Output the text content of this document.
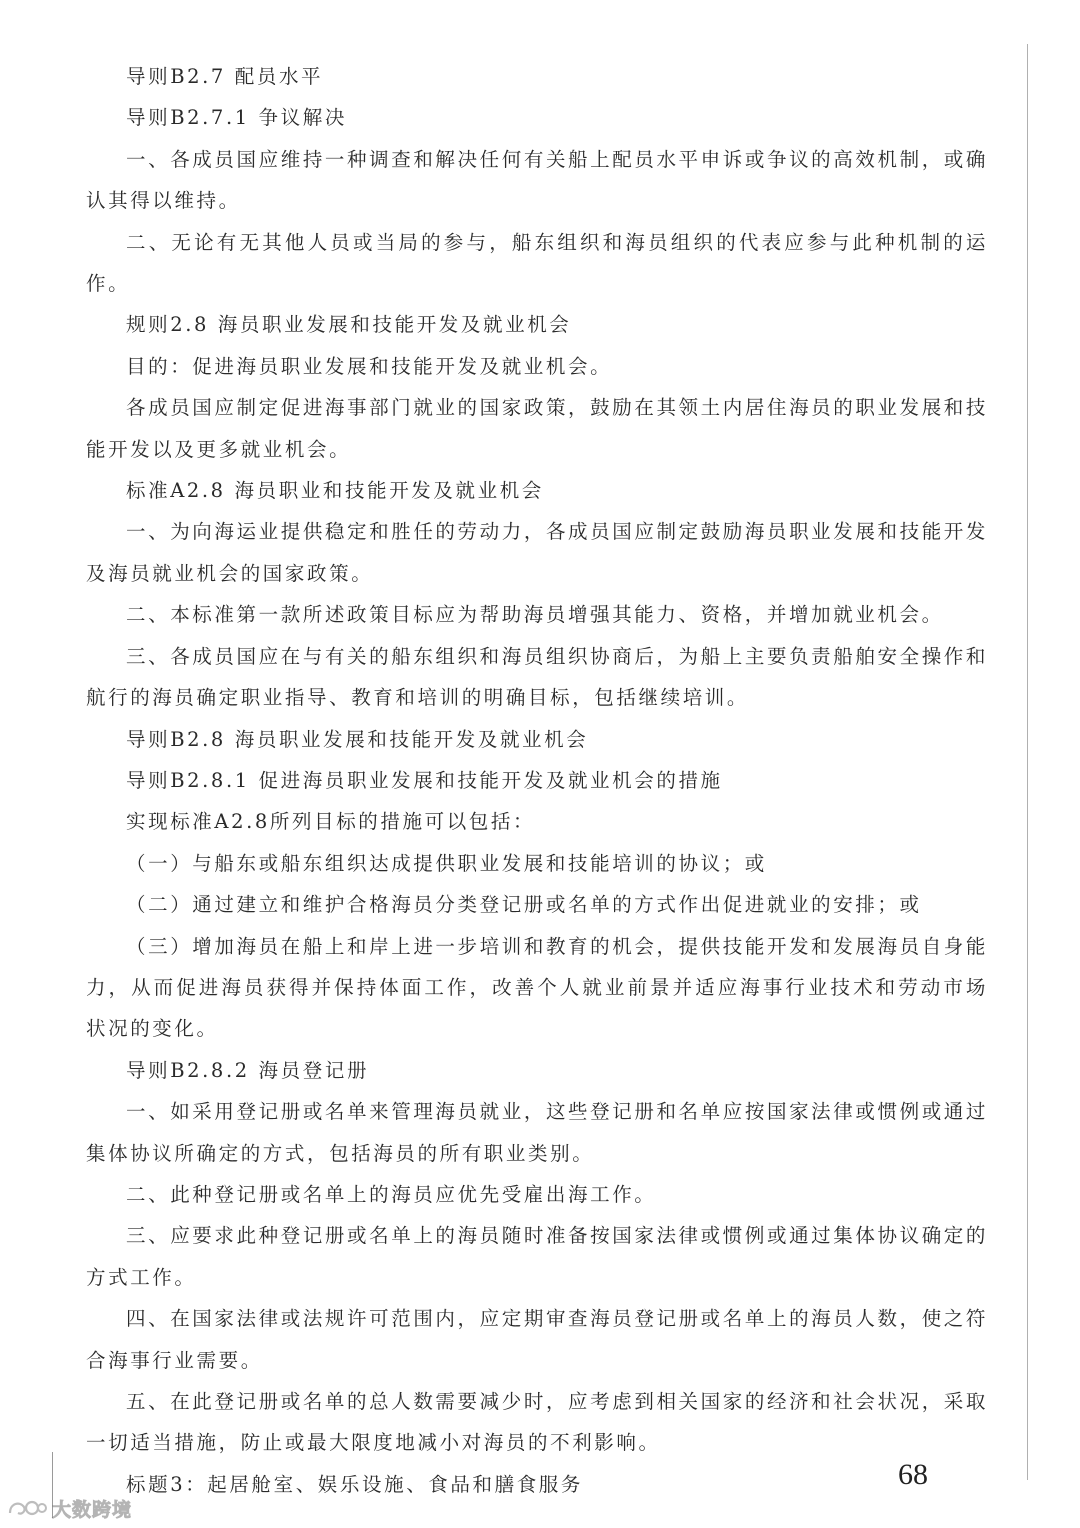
导则B2.7 配员水平

导则B2.7.1 争议解决

一、各成员国应维持一种调查和解决任何有关船上配员水平申诉或争议的高效机制，或确认其得以维持。

二、无论有无其他人员或当局的参与，船东组织和海员组织的代表应参与此种机制的运作。

规则2.8 海员职业发展和技能开发及就业机会

目的：促进海员职业发展和技能开发及就业机会。

各成员国应制定促进海事部门就业的国家政策，鼓励在其领土内居住海员的职业发展和技能开发以及更多就业机会。

标准A2.8 海员职业和技能开发及就业机会

一、为向海运业提供稳定和胜任的劳动力，各成员国应制定鼓励海员职业发展和技能开发及海员就业机会的国家政策。

二、本标准第一款所述政策目标应为帮助海员增强其能力、资格，并增加就业机会。

三、各成员国应在与有关的船东组织和海员组织协商后，为船上主要负责船舶安全操作和航行的海员确定职业指导、教育和培训的明确目标，包括继续培训。

导则B2.8 海员职业发展和技能开发及就业机会

导则B2.8.1 促进海员职业发展和技能开发及就业机会的措施

实现标准A2.8所列目标的措施可以包括：

（一）与船东或船东组织达成提供职业发展和技能培训的协议；或

（二）通过建立和维护合格海员分类登记册或名单的方式作出促进就业的安排；或

（三）增加海员在船上和岸上进一步培训和教育的机会，提供技能开发和发展海员自身能力，从而促进海员获得并保持体面工作，改善个人就业前景并适应海事行业技术和劳动市场状况的变化。

导则B2.8.2 海员登记册

一、如采用登记册或名单来管理海员就业，这些登记册和名单应按国家法律或惯例或通过集体协议所确定的方式，包括海员的所有职业类别。

二、此种登记册或名单上的海员应优先受雇出海工作。

三、应要求此种登记册或名单上的海员随时准备按国家法律或惯例或通过集体协议确定的方式工作。

四、在国家法律或法规许可范围内，应定期审查海员登记册或名单上的海员人数，使之符合海事行业需要。

五、在此登记册或名单的总人数需要减少时，应考虑到相关国家的经济和社会状况，采取一切适当措施，防止或最大限度地减小对海员的不利影响。

标题3：起居舱室、娱乐设施、食品和膳食服务	68
大数跨境
